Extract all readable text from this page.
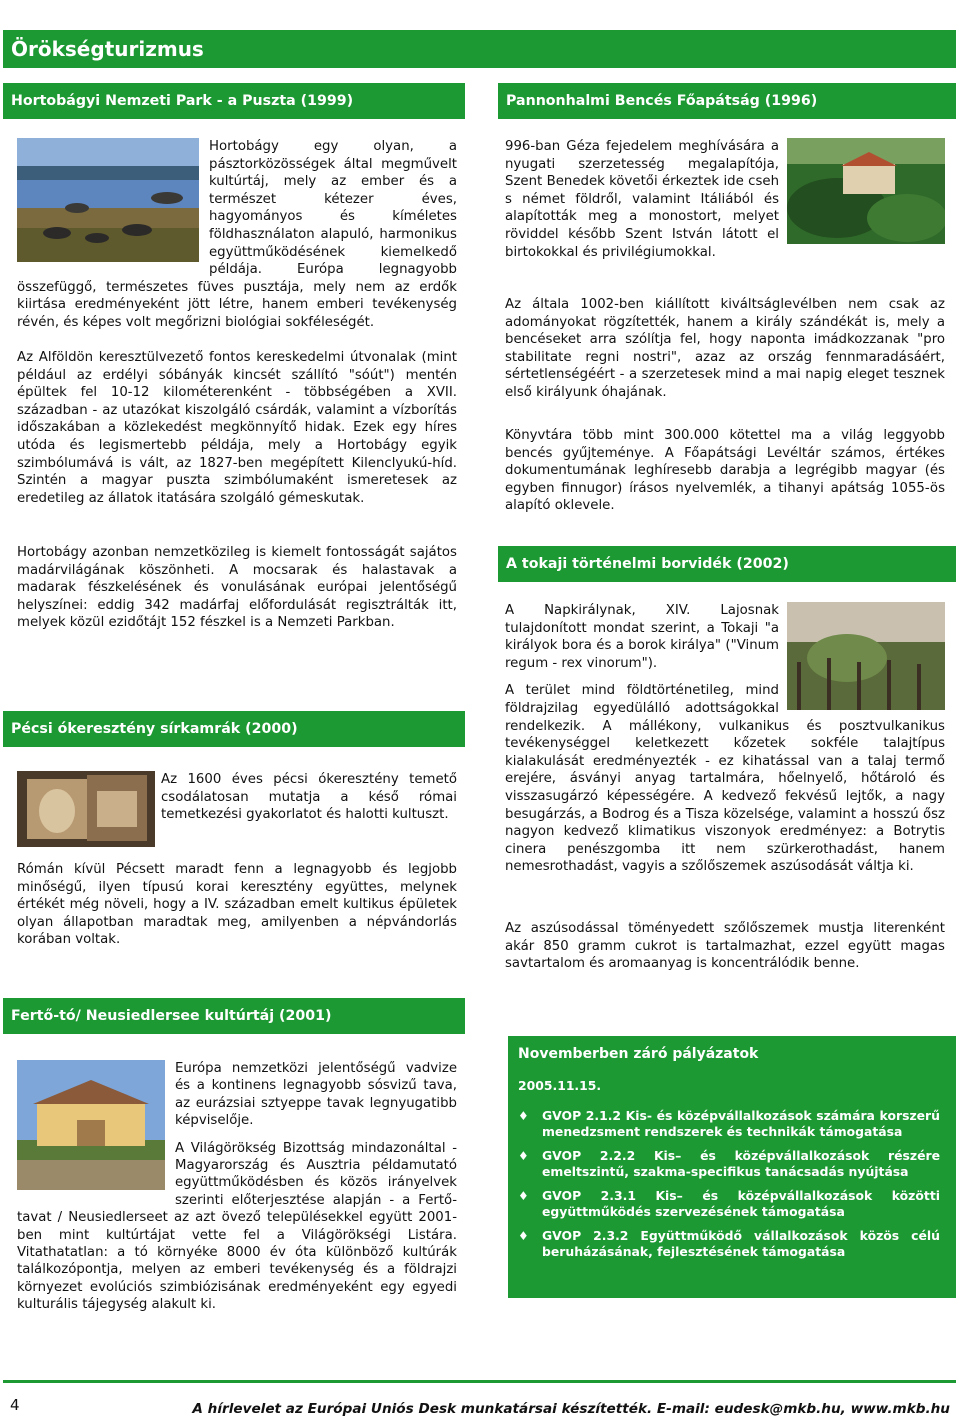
Örökségturizmus
Hortobágyi Nemzeti Park - a Puszta (1999)
Hortobágy egy olyan, a pásztorközösségek által megművelt kultúrtáj, mely az ember és a természet kétezer éves, hagyományos és kíméletes földhasználaton alapuló, harmonikus együttműködésének kiemelkedő példája. Európa legnagyobb összefüggő, természetes füves pusztája, mely nem az erdők kiirtása eredményeként jött létre, hanem emberi tevékenység révén, és képes volt megőrizni biológiai sokféleségét.

Az Alföldön keresztülvezető fontos kereskedelmi útvonalak (mint például az erdélyi sóbányák kincsét szállító "sóút") mentén épültek fel 10-12 kilométerenként - többségében a XVII. században - az utazókat kiszolgáló csárdák, valamint a vízborítás időszakában a közlekedést megkönnyítő hidak. Ezek egy híres utóda és legismertebb példája, mely a Hortobágy egyik szimbólumává is vált, az 1827-ben megépített Kilenclyukú-híd. Szintén a magyar puszta szimbólumaként ismeretesek az eredetileg az állatok itatására szolgáló gémeskutak.

Hortobágy azonban nemzetközileg is kiemelt fontosságát sajátos madárvilágának köszönheti. A mocsarak és halastavak a madarak fészkelésének és vonulásának európai jelentőségű helyszínei: eddig 342 madárfaj előfordulását regisztrálták itt, melyek közül ezidőtájt 152 fészkel is a Nemzeti Parkban.

Pécsi ókeresztény sírkamrák (2000)
Az 1600 éves pécsi ókeresztény temető csodálatosan mutatja a késő római temetkezési gyakorlatot és halotti kultuszt.

Rómán kívül Pécsett maradt fenn a legnagyobb és legjobb minőségű, ilyen típusú korai keresztény együttes, melynek értékét még növeli, hogy a IV. században emelt kultikus épületek olyan állapotban maradtak meg, amilyenben a népvándorlás korában voltak.

Fertő-tó/ Neusiedlersee kultúrtáj (2001)
Európa nemzetközi jelentőségű vadvize és a kontinens legnagyobb sósvizű tava, az eurázsiai sztyeppe tavak legnyugatibb képviselője.
A Világörökség Bizottság mindazonáltal - Magyarország és Ausztria példamutató együttműködésben és közös irányelvek szerinti előterjesztése alapján - a Fertő-tavat / Neusiedlerseet az azt övező településekkel együtt 2001-ben mint kultúrtájat vette fel a Világörökségi Listára. Vitathatatlan: a tó környéke 8000 év óta különböző kultúrák találkozópontja, melyen az emberi tevékenység és a földrajzi környezet evolúciós szimbiózisának eredményeként egy egyedi kulturális tájegység alakult ki.
Pannonhalmi Bencés Főapátság (1996)
996-ban Géza fejedelem meghívására a nyugati szerzetesség megalapítója, Szent Benedek követői érkeztek ide cseh s német földről, valamint Itáliából és alapították meg a monostort, melyet röviddel később Szent István látott el birtokokkal és privilégiumokkal.

Az általa 1002-ben kiállított kiváltságlevélben nem csak az adományokat rögzítették, hanem a király szándékát is, mely a bencéseket arra szólítja fel, hogy naponta imádkozzanak "pro stabilitate regni nostri", azaz az ország fennmaradásáért, sértetlenségéért - a szerzetesek mind a mai napig eleget tesznek első királyunk óhajának.

Könyvtára több mint 300.000 kötettel ma a világ leggyobb bencés gyűjteménye. A Főapátsági Levéltár számos, értékes dokumentumának leghíresebb darabja a legrégibb magyar (és egyben finnugor) írásos nyelvemlék, a tihanyi apátság 1055-ös alapító oklevele.

A tokaji történelmi borvidék (2002)
A Napkirálynak, XIV. Lajosnak tulajdonított mondat szerint, a Tokaji "a királyok bora és a borok királya" ("Vinum regum - rex vinorum").
A terület mind földtörténetileg, mind földrajzilag egyedülálló adottságokkal rendelkezik. A mállékony, vulkanikus és posztvulkanikus tevékenységgel keletkezett kőzetek sokféle talajtípus kialakulását eredményezték - ez kihatással van a talaj termő erejére, ásványi anyag tartalmára, hőelnyelő, hőtároló és visszasugárzó képességére. A kedvező fekvésű lejtők, a nagy besugárzás, a Bodrog és a Tisza közelsége, valamint a hosszú ősz nagyon kedvező klimatikus viszonyok eredményez: a Botrytis cinera penészgomba itt nem szürkerothadást, hanem nemesrothadást, vagyis a szőlőszemek aszúsodását váltja ki.

Az aszúsodással töményedett szőlőszemek mustja literenként akár 850 gramm cukrot is tartalmazhat, ezzel együtt magas savtartalom és aromaanyag is koncentrálódik benne.

Novemberben záró pályázatok
2005.11.15.
♦ GVOP 2.1.2 Kis- és középvállalkozások számára korszerű menedzsment rendszerek és technikák támogatása
♦ GVOP 2.2.2 Kis– és középvállalkozások részére emeltszintű, szakma-specifikus tanácsadás nyújtása
♦ GVOP 2.3.1 Kis– és középvállalkozások közötti együttműködés szervezésének támogatása
♦ GVOP 2.3.2 Együttműködő vállalkozások közös célú beruházásának, fejlesztésének támogatása
4	A hírlevelet az Európai Uniós Desk munkatársai készítették. E-mail: eudesk@mkb.hu, www.mkb.hu
